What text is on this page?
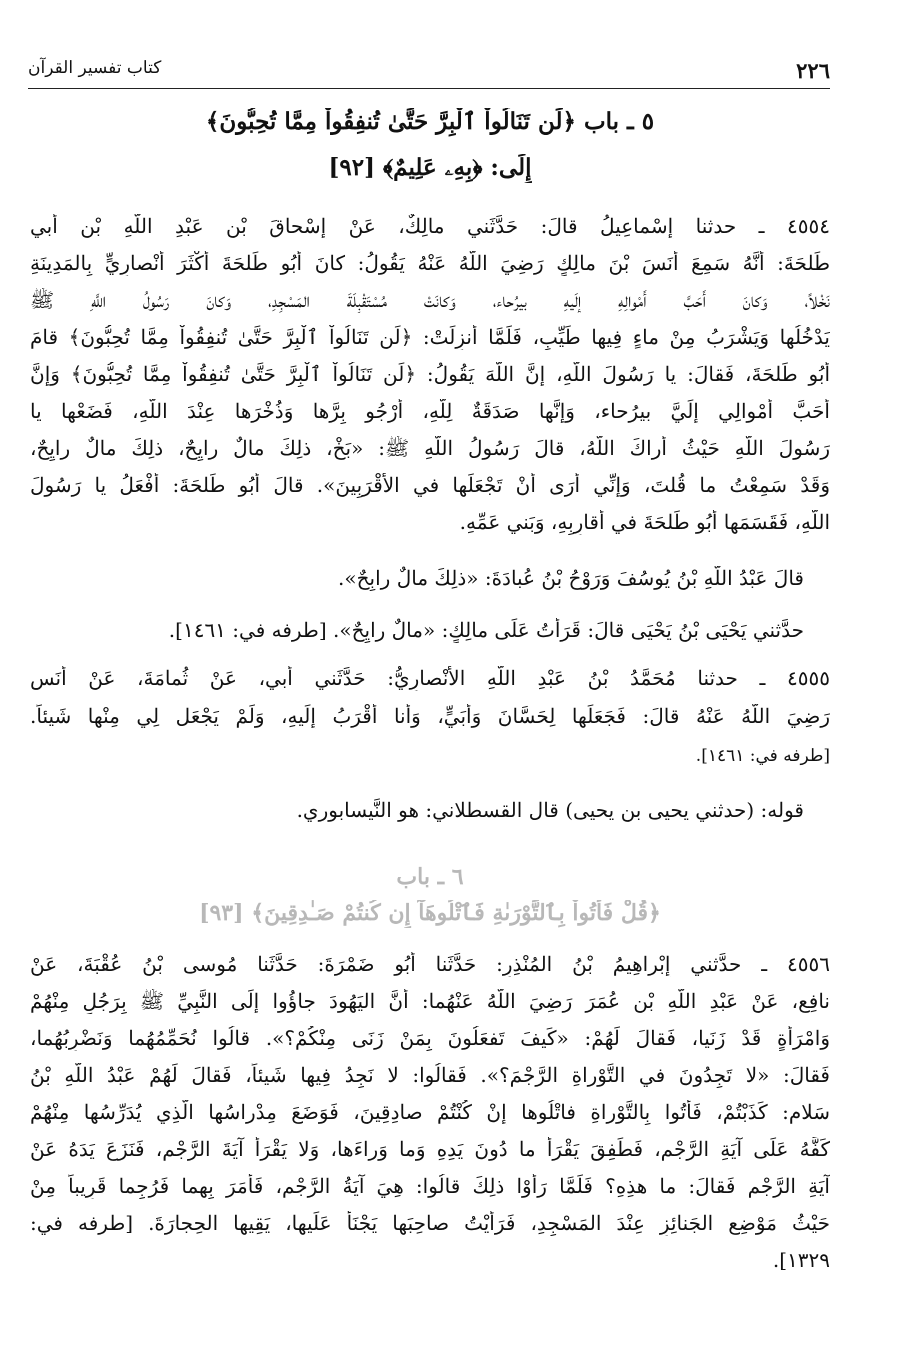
٢٢٦
كتاب تفسير القرآن
٥ ـ باب ﴿لَن تَنَالُواْ ٱلْبِرَّ حَتَّىٰ تُنفِقُواْ مِمَّا تُحِبُّونَ﴾
إِلَى: ﴿بِهِۦ عَلِيمٌ﴾ [٩٢]
٤٥٥٤ ـ حدثنا إِسْماعِيلُ قالَ: حَدَّثَني مالِكٌ، عَنْ إِسْحاقَ بْنِ عَبْدِ اللَّهِ بْنِ أَبي
طَلحَةَ: أَنَّهُ سَمِعَ أَنَسَ بْنَ مالِكٍ رَضِيَ اللَّهُ عَنْهُ يَقُولُ: كانَ أَبُو طَلحَةَ أَكْثَرَ أَنْصارِيٍّ بِالمَدِينَةِ
نَخْلاً، وَكانَ أَحَبَّ أَمْوالِهِ إِلَيهِ بيرُحاء، وَكانَتْ مُسْتَقْبِلَةَ المَسْجِدِ، وَكانَ رَسُولُ اللَّهِ ﷺ
يَدْخُلُها وَيَشْرَبُ مِنْ ماءٍ فِيها طَيِّبٍ، فَلَمَّا أُنزِلَتْ: ﴿لَن تَنَالُواْ ٱلْبِرَّ حَتَّىٰ تُنفِقُواْ مِمَّا تُحِبُّونَ﴾ قامَ
أَبُو طَلحَةَ، فَقالَ: يا رَسُولَ اللَّهِ، إِنَّ اللَّهَ يَقُولُ: ﴿لَن تَنَالُواْ ٱلْبِرَّ حَتَّىٰ تُنفِقُواْ مِمَّا تُحِبُّونَ﴾ وَإِنَّ
أَحَبَّ أَمْوالِي إِلَيَّ بيرُحاء، وَإِنَّها صَدَقَةٌ لِلَّهِ، أَرْجُو بِرَّها وَذُخْرَها عِنْدَ اللَّهِ، فَضَعْها يا
رَسُولَ اللَّهِ حَيْثُ أَراكَ اللَّهُ، قالَ رَسُولُ اللَّهِ ﷺ: «بَخْ، ذلِكَ مالٌ رايِحٌ، ذلِكَ مالٌ رايِحٌ،
وَقَدْ سَمِعْتُ ما قُلتَ، وَإِنِّي أَرَى أَنْ تَجْعَلَها في الأَقْرَبِينَ». قالَ أَبُو طَلحَةَ: أَفْعَلُ يا رَسُولَ
اللَّهِ، فَقَسَمَها أَبُو طَلحَةَ في أَقارِبِهِ، وَبَني عَمِّهِ.
قالَ عَبْدُ اللَّهِ بْنُ يُوسُفَ وَرَوْحُ بْنُ عُبادَةَ: «ذلِكَ مالٌ رابِحٌ».
حدَّثني يَحْيَى بْنُ يَحْيَى قالَ: قَرَأْتُ عَلَى مالِكٍ: «مالٌ رايِحٌ». [طرفه في: ١٤٦١].
٤٥٥٥ ـ حدثنا مُحَمَّدُ بْنُ عَبْدِ اللَّهِ الأَنْصارِيُّ: حَدَّثَني أَبي، عَنْ ثُمامَةَ، عَنْ أَنَسٍ
رَضِيَ اللَّهُ عَنْهُ قالَ: فَجَعَلَها لِحَسَّانَ وَأُبَيٍّ، وَأَنا أَقْرَبُ إِلَيهِ، وَلَمْ يَجْعَل لِي مِنْها شَيئاً.
[طرفه في: ١٤٦١].
قوله: (حدثني يحيى بن يحيى) قال القسطلاني: هو النَّيسابوري.
٦ ـ باب
﴿قُلْ فَأْتُواْ بِٱلتَّوْرَىٰةِ فَٱتْلُوهَآ إِن كُنتُمْ صَـٰدِقِينَ﴾ [٩٣]
٤٥٥٦ ـ حدَّثني إِبْراهِيمُ بْنُ المُنْذِرِ: حَدَّثَنا أَبُو ضَمْرَةَ: حَدَّثَنا مُوسى بْنُ عُقْبَةَ، عَنْ
نافِعٍ، عَنْ عَبْدِ اللَّهِ بْنِ عُمَرَ رَضِيَ اللَّهُ عَنْهُما: أَنَّ اليَهُودَ جاؤُوا إِلَى النَّبِيِّ ﷺ بِرَجُلٍ مِنْهُمْ
وَامْرَأَةٍ قَدْ زَنَيا، فَقالَ لَهُمْ: «كَيفَ تَفعَلُونَ بِمَنْ زَنَى مِنْكُمْ؟». قالُوا نُحَمِّمُهُما وَنَضْرِبُهُما،
فَقالَ: «لا تَجِدُونَ في التَّوْراةِ الرَّجْمَ؟». فَقالُوا: لا نَجِدُ فِيها شَيئاً، فَقالَ لَهُمْ عَبْدُ اللَّهِ بْنُ
سَلامٍ: كَذَبْتُمْ، فَأْتُوا بِالتَّوْراةِ فاتْلُوها إِنْ كُنْتُمْ صادِقِينَ، فَوَضَعَ مِدْراسُها الَّذِي يُدَرِّسُها مِنْهُمْ
كَفَّهُ عَلَى آيَةِ الرَّجْمِ، فَطَفِقَ يَقْرَأُ ما دُونَ يَدِهِ وَما وَراءَها، وَلا يَقْرَأُ آيَةَ الرَّجْمِ، فَنَزَعَ يَدَهُ عَنْ
آيَةِ الرَّجْمِ فَقالَ: ما هذِهِ؟ فَلَمَّا رَأَوْا ذلِكَ قالُوا: هِيَ آيَةُ الرَّجْمِ، فَأَمَرَ بِهِما فَرُجِما قَرِيباً مِنْ
حَيْثُ مَوْضِعِ الجَنائِزِ عِنْدَ المَسْجِدِ، فَرَأَيْتُ صاحِبَها يَجْنَأُ عَلَيها، يَقِيها الحِجارَةَ. [طرفه في:
١٣٢٩].
